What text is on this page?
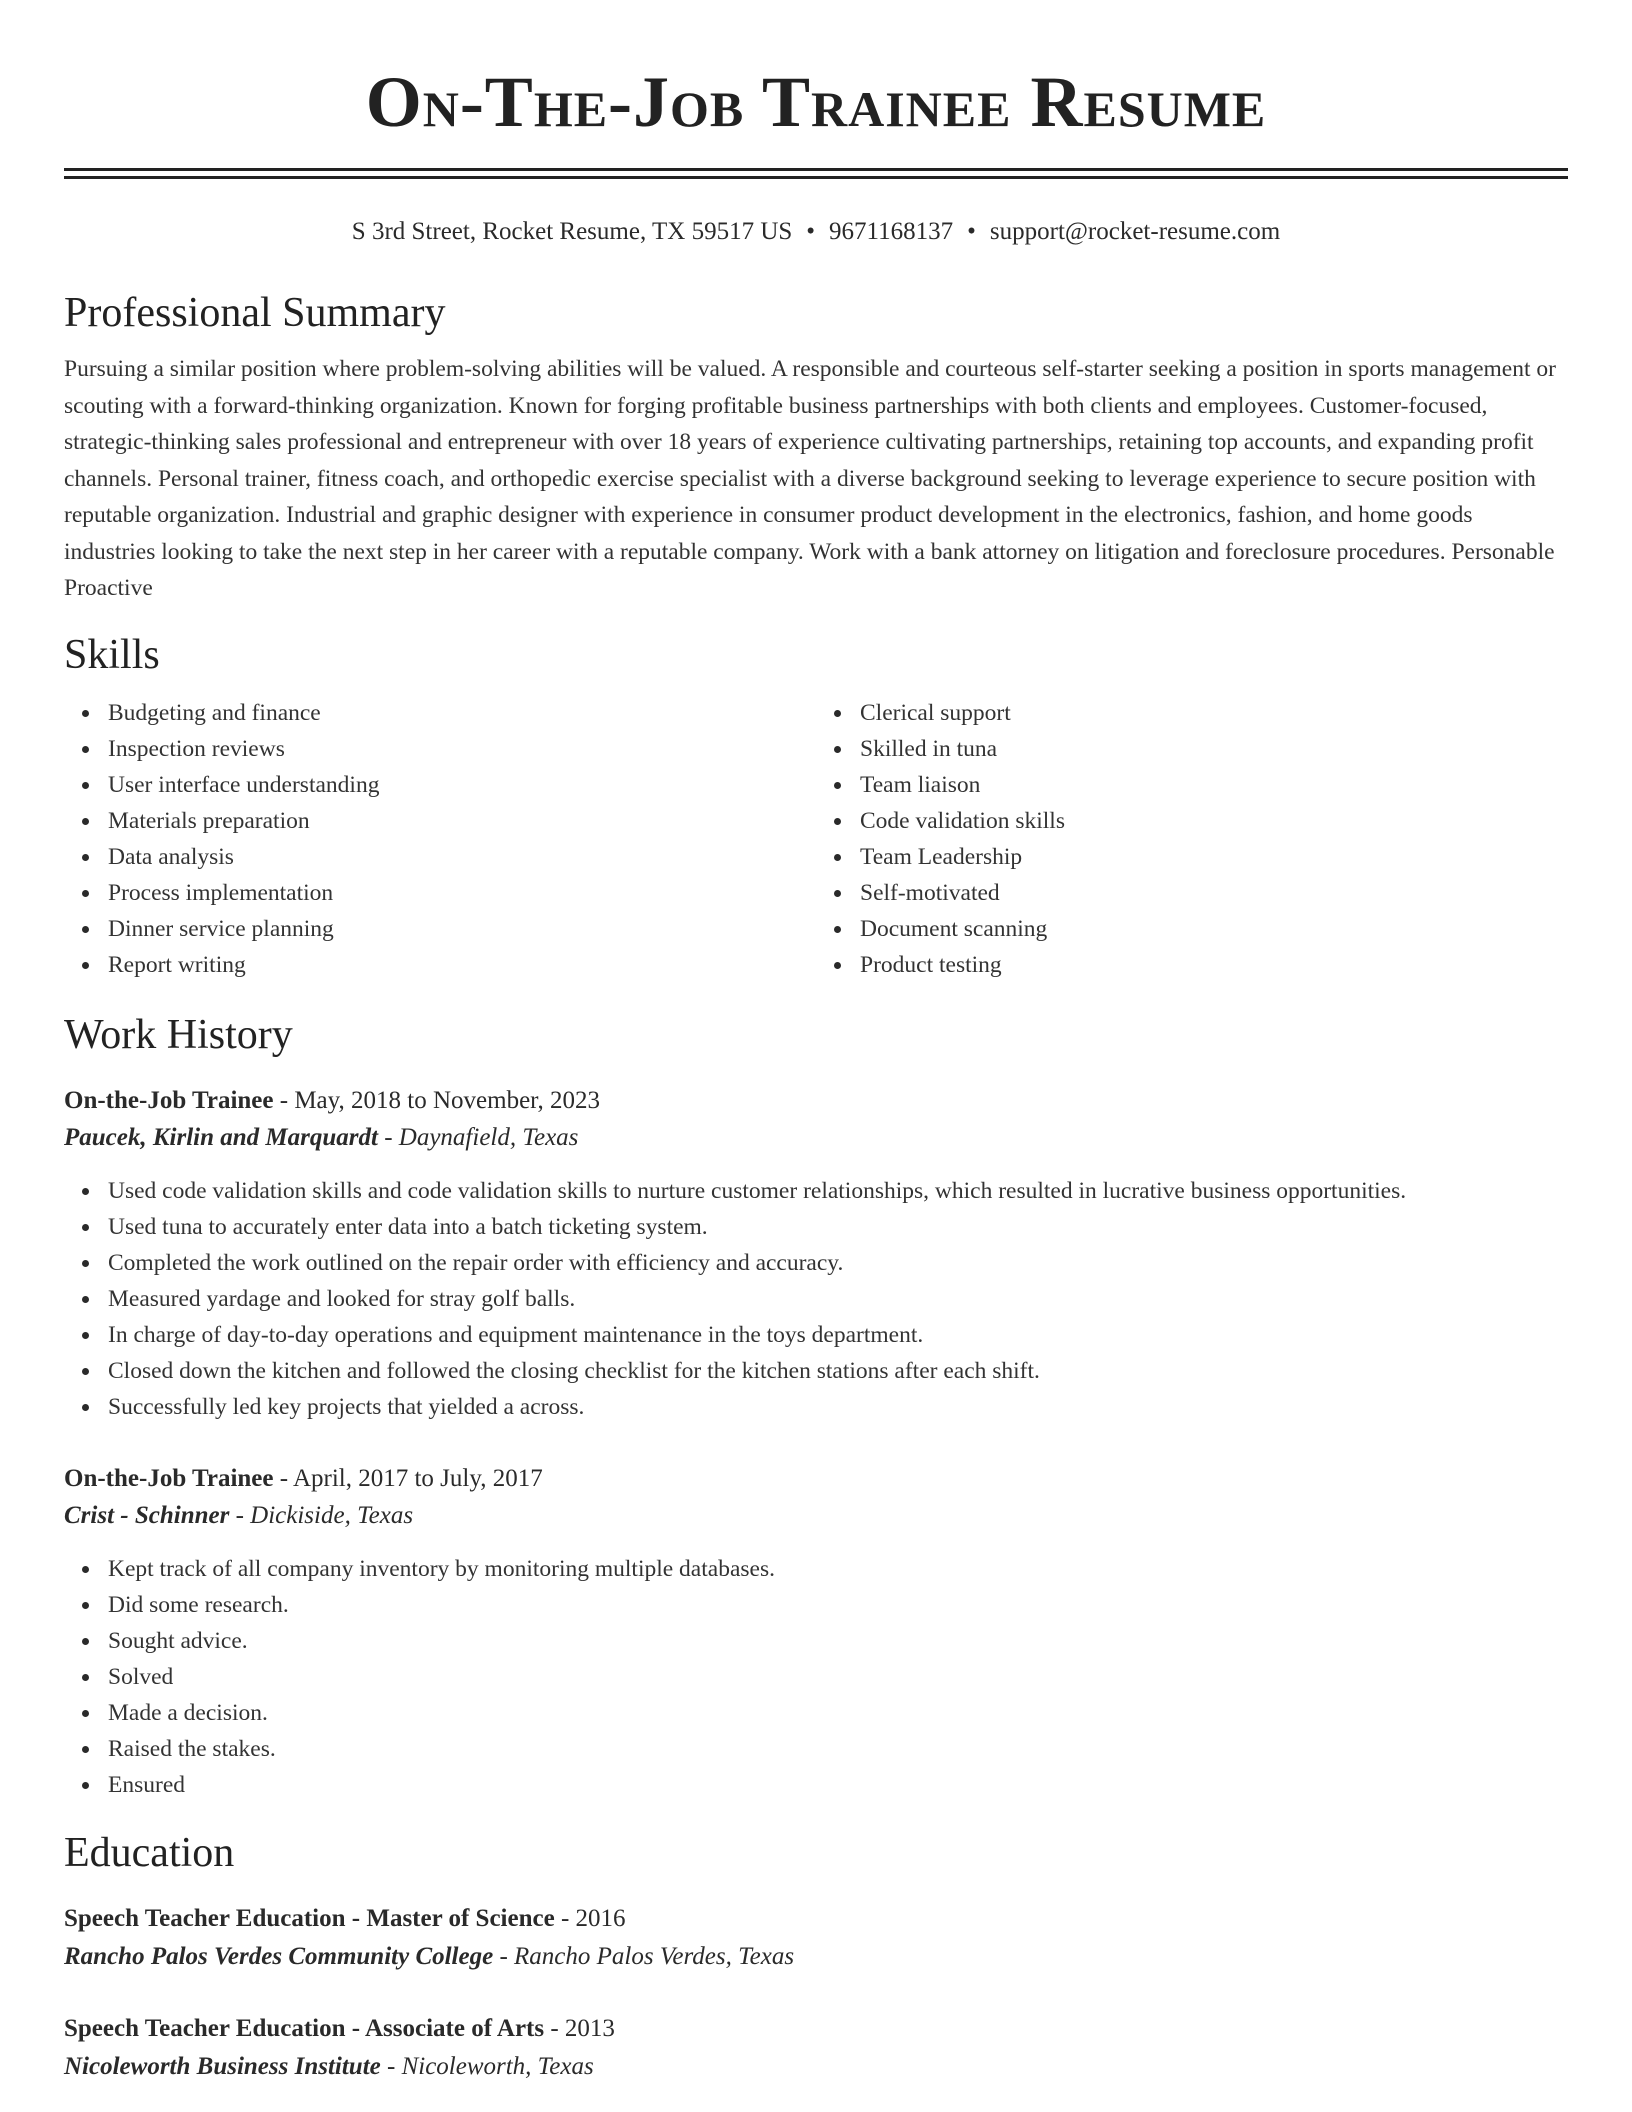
On-The-Job Trainee Resume
S 3rd Street, Rocket Resume, TX 59517 US • 9671168137 • support@rocket-resume.com
Professional Summary

Pursuing a similar position where problem-solving abilities will be valued. A responsible and courteous self-starter seeking a position in sports management or scouting with a forward-thinking organization. Known for forging profitable business partnerships with both clients and employees. Customer-focused, strategic-thinking sales professional and entrepreneur with over 18 years of experience cultivating partnerships, retaining top accounts, and expanding profit channels. Personal trainer, fitness coach, and orthopedic exercise specialist with a diverse background seeking to leverage experience to secure position with reputable organization. Industrial and graphic designer with experience in consumer product development in the electronics, fashion, and home goods industries looking to take the next step in her career with a reputable company. Work with a bank attorney on litigation and foreclosure procedures. Personable Proactive

Skills
Budgeting and finance
Inspection reviews
User interface understanding
Materials preparation
Data analysis
Process implementation
Dinner service planning
Report writing
Clerical support
Skilled in tuna
Team liaison
Code validation skills
Team Leadership
Self-motivated
Document scanning
Product testing
Work History
On-the-Job Trainee - May, 2018 to November, 2023
Paucek, Kirlin and Marquardt - Daynafield, Texas
Used code validation skills and code validation skills to nurture customer relationships, which resulted in lucrative business opportunities.
Used tuna to accurately enter data into a batch ticketing system.
Completed the work outlined on the repair order with efficiency and accuracy.
Measured yardage and looked for stray golf balls.
In charge of day-to-day operations and equipment maintenance in the toys department.
Closed down the kitchen and followed the closing checklist for the kitchen stations after each shift.
Successfully led key projects that yielded a across.
On-the-Job Trainee - April, 2017 to July, 2017
Crist - Schinner - Dickiside, Texas
Kept track of all company inventory by monitoring multiple databases.
Did some research.
Sought advice.
Solved
Made a decision.
Raised the stakes.
Ensured
Education
Speech Teacher Education - Master of Science - 2016
Rancho Palos Verdes Community College - Rancho Palos Verdes, Texas
Speech Teacher Education - Associate of Arts - 2013
Nicoleworth Business Institute - Nicoleworth, Texas
